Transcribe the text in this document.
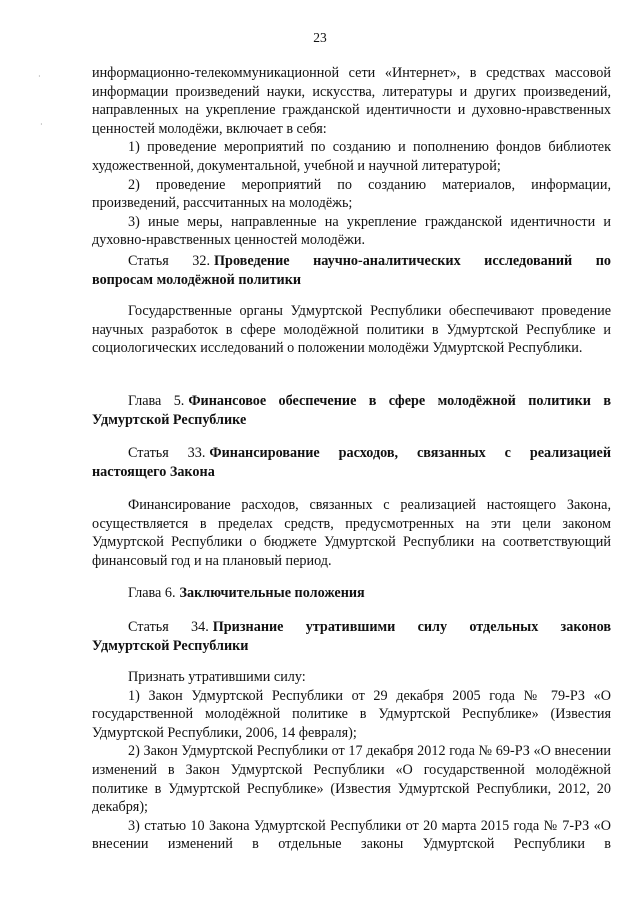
23
·
·

информационно-телекоммуникационной сети «Интернет», в средствах массовой информации произведений науки, искусства, литературы и других произведений, направленных на укрепление гражданской идентичности и духовно-нравственных ценностей молодёжи, включает в себя:

1) проведение мероприятий по созданию и пополнению фондов библиотек художественной, документальной, учебной и научной литературой;

2) проведение мероприятий по созданию материалов, информации, произведений, рассчитанных на молодёжь;

3) иные меры, направленные на укрепление гражданской идентичности и духовно-нравственных ценностей молодёжи.

Статья 32. Проведение научно-аналитических исследований по
вопросам молодёжной политики

Государственные органы Удмуртской Республики обеспечивают проведение научных разработок в сфере молодёжной политики в Удмуртской Республике и социологических исследований о положении молодёжи Удмуртской Республики.

Глава 5. Финансовое обеспечение в сфере молодёжной политики в
Удмуртской Республике
Статья 33. Финансирование расходов, связанных с реализацией
настоящего Закона

Финансирование расходов, связанных с реализацией настоящего Закона, осуществляется в пределах средств, предусмотренных на эти цели законом Удмуртской Республики о бюджете Удмуртской Республики на соответствующий финансовый год и на плановый период.

Глава 6. Заключительные положения
Статья 34. Признание утратившими силу отдельных законов
Удмуртской Республики

Признать утратившими силу:

1) Закон Удмуртской Республики от 29 декабря 2005 года № 79-РЗ «О государственной молодёжной политике в Удмуртской Республике» (Известия Удмуртской Республики, 2006, 14 февраля);

2) Закон Удмуртской Республики от 17 декабря 2012 года № 69-РЗ «О внесении изменений в Закон Удмуртской Республики «О государственной молодёжной политике в Удмуртской Республике» (Известия Удмуртской Республики, 2012, 20 декабря);

3) статью 10 Закона Удмуртской Республики от 20 марта 2015 года № 7-РЗ «О внесении изменений в отдельные законы Удмуртской Республики в
